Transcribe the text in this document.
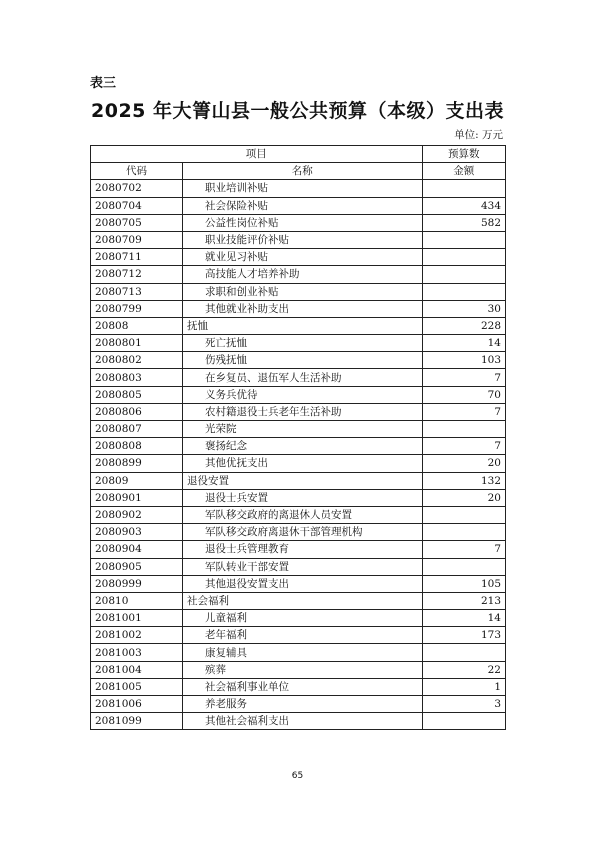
表三
2025 年大箐山县一般公共预算（本级）支出表
单位: 万元
项目		预算数
代码	名称	金额
2080702	职业培训补贴	
2080704	社会保险补贴	434
2080705	公益性岗位补贴	582
2080709	职业技能评价补贴	
2080711	就业见习补贴	
2080712	高技能人才培养补助	
2080713	求职和创业补贴	
2080799	其他就业补助支出	30
20808	抚恤	228
2080801	死亡抚恤	14
2080802	伤残抚恤	103
2080803	在乡复员、退伍军人生活补助	7
2080805	义务兵优待	70
2080806	农村籍退役士兵老年生活补助	7
2080807	光荣院	
2080808	褒扬纪念	7
2080899	其他优抚支出	20
20809	退役安置	132
2080901	退役士兵安置	20
2080902	军队移交政府的离退休人员安置	
2080903	军队移交政府离退休干部管理机构	
2080904	退役士兵管理教育	7
2080905	军队转业干部安置	
2080999	其他退役安置支出	105
20810	社会福利	213
2081001	儿童福利	14
2081002	老年福利	173
2081003	康复辅具	
2081004	殡葬	22
2081005	社会福利事业单位	1
2081006	养老服务	3
2081099	其他社会福利支出	
65
